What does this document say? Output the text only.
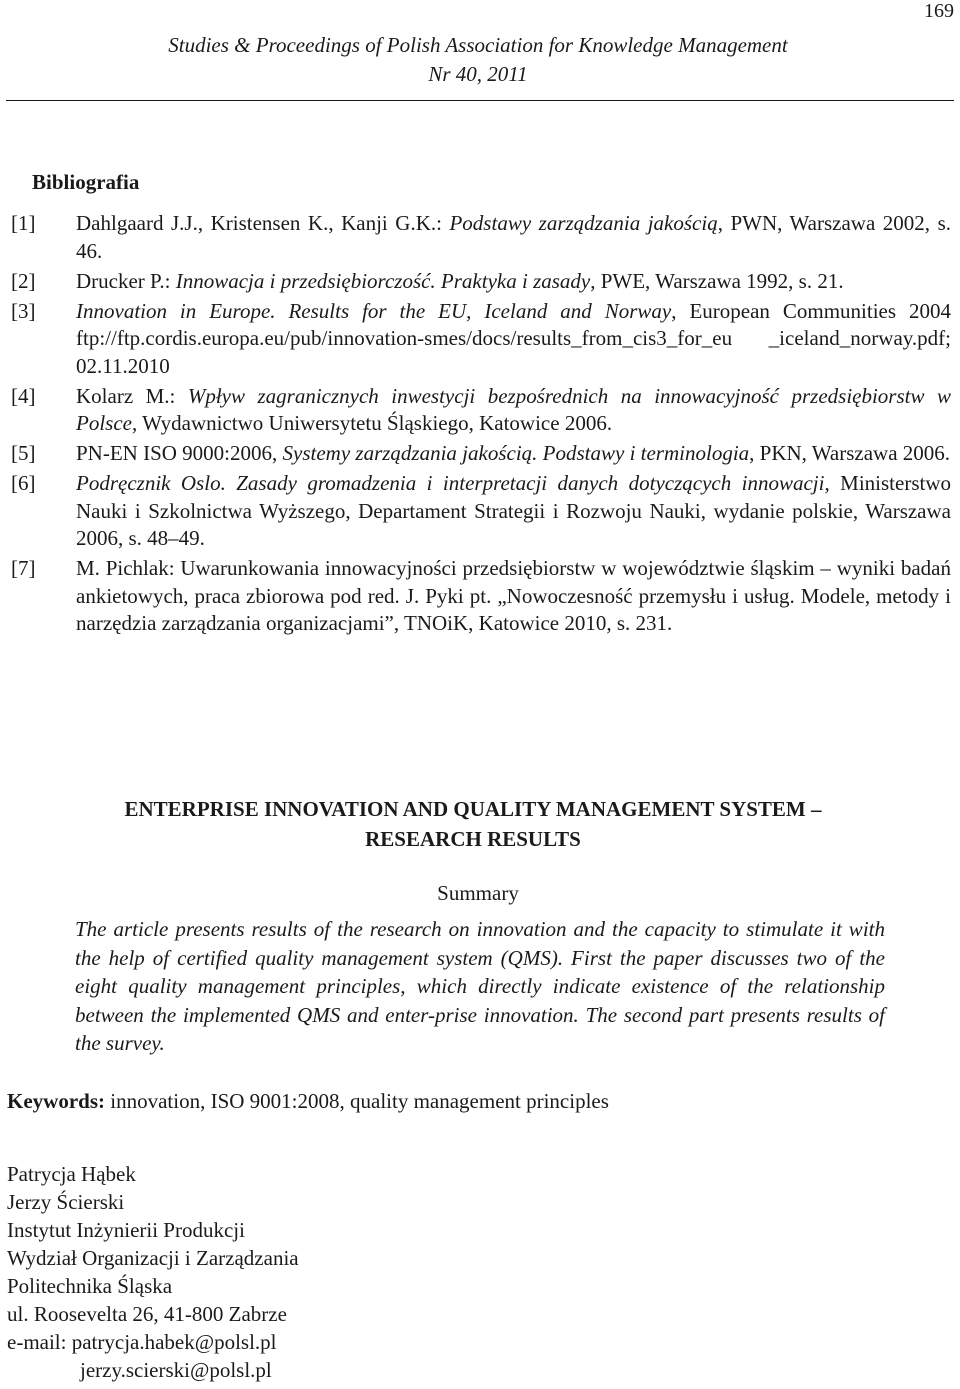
169
Studies & Proceedings of Polish Association for Knowledge Management
Nr 40, 2011
Bibliografia
[1]	Dahlgaard J.J., Kristensen K., Kanji G.K.: Podstawy zarządzania jakością, PWN, Warszawa 2002, s. 46.
[2]	Drucker P.: Innowacja i przedsiębiorczość. Praktyka i zasady, PWE, Warszawa 1992, s. 21.
[3]	Innovation in Europe. Results for the EU, Iceland and Norway, European Communities 2004 ftp://ftp.cordis.europa.eu/pub/innovation-smes/docs/results_from_cis3_for_eu _iceland_norway.pdf; 02.11.2010
[4]	Kolarz M.: Wpływ zagranicznych inwestycji bezpośrednich na innowacyjność przedsiębiorstw w Polsce, Wydawnictwo Uniwersytetu Śląskiego, Katowice 2006.
[5]	PN-EN ISO 9000:2006, Systemy zarządzania jakością. Podstawy i terminologia, PKN, Warszawa 2006.
[6]	Podręcznik Oslo. Zasady gromadzenia i interpretacji danych dotyczących innowacji, Ministerstwo Nauki i Szkolnictwa Wyższego, Departament Strategii i Rozwoju Nauki, wydanie polskie, Warszawa 2006, s. 48–49.
[7]	M. Pichlak: Uwarunkowania innowacyjności przedsiębiorstw w województwie śląskim – wyniki badań ankietowych, praca zbiorowa pod red. J. Pyki pt. „Nowoczesność przemysłu i usług. Modele, metody i narzędzia zarządzania organizacjami”, TNOiK, Katowice 2010, s. 231.
ENTERPRISE INNOVATION AND QUALITY MANAGEMENT SYSTEM –
RESEARCH RESULTS
Summary

The article presents results of the research on innovation and the capacity to stimulate it with the help of certified quality management system (QMS). First the paper discusses two of the eight quality management principles, which directly indicate existence of the relationship between the implemented QMS and enter-prise innovation. The second part presents results of the survey.

Keywords: innovation, ISO 9001:2008, quality management principles
Patrycja Hąbek
Jerzy Ścierski
Instytut Inżynierii Produkcji
Wydział Organizacji i Zarządzania
Politechnika Śląska
ul. Roosevelta 26, 41-800 Zabrze
e-mail: patrycja.habek@polsl.pl
jerzy.scierski@polsl.pl
